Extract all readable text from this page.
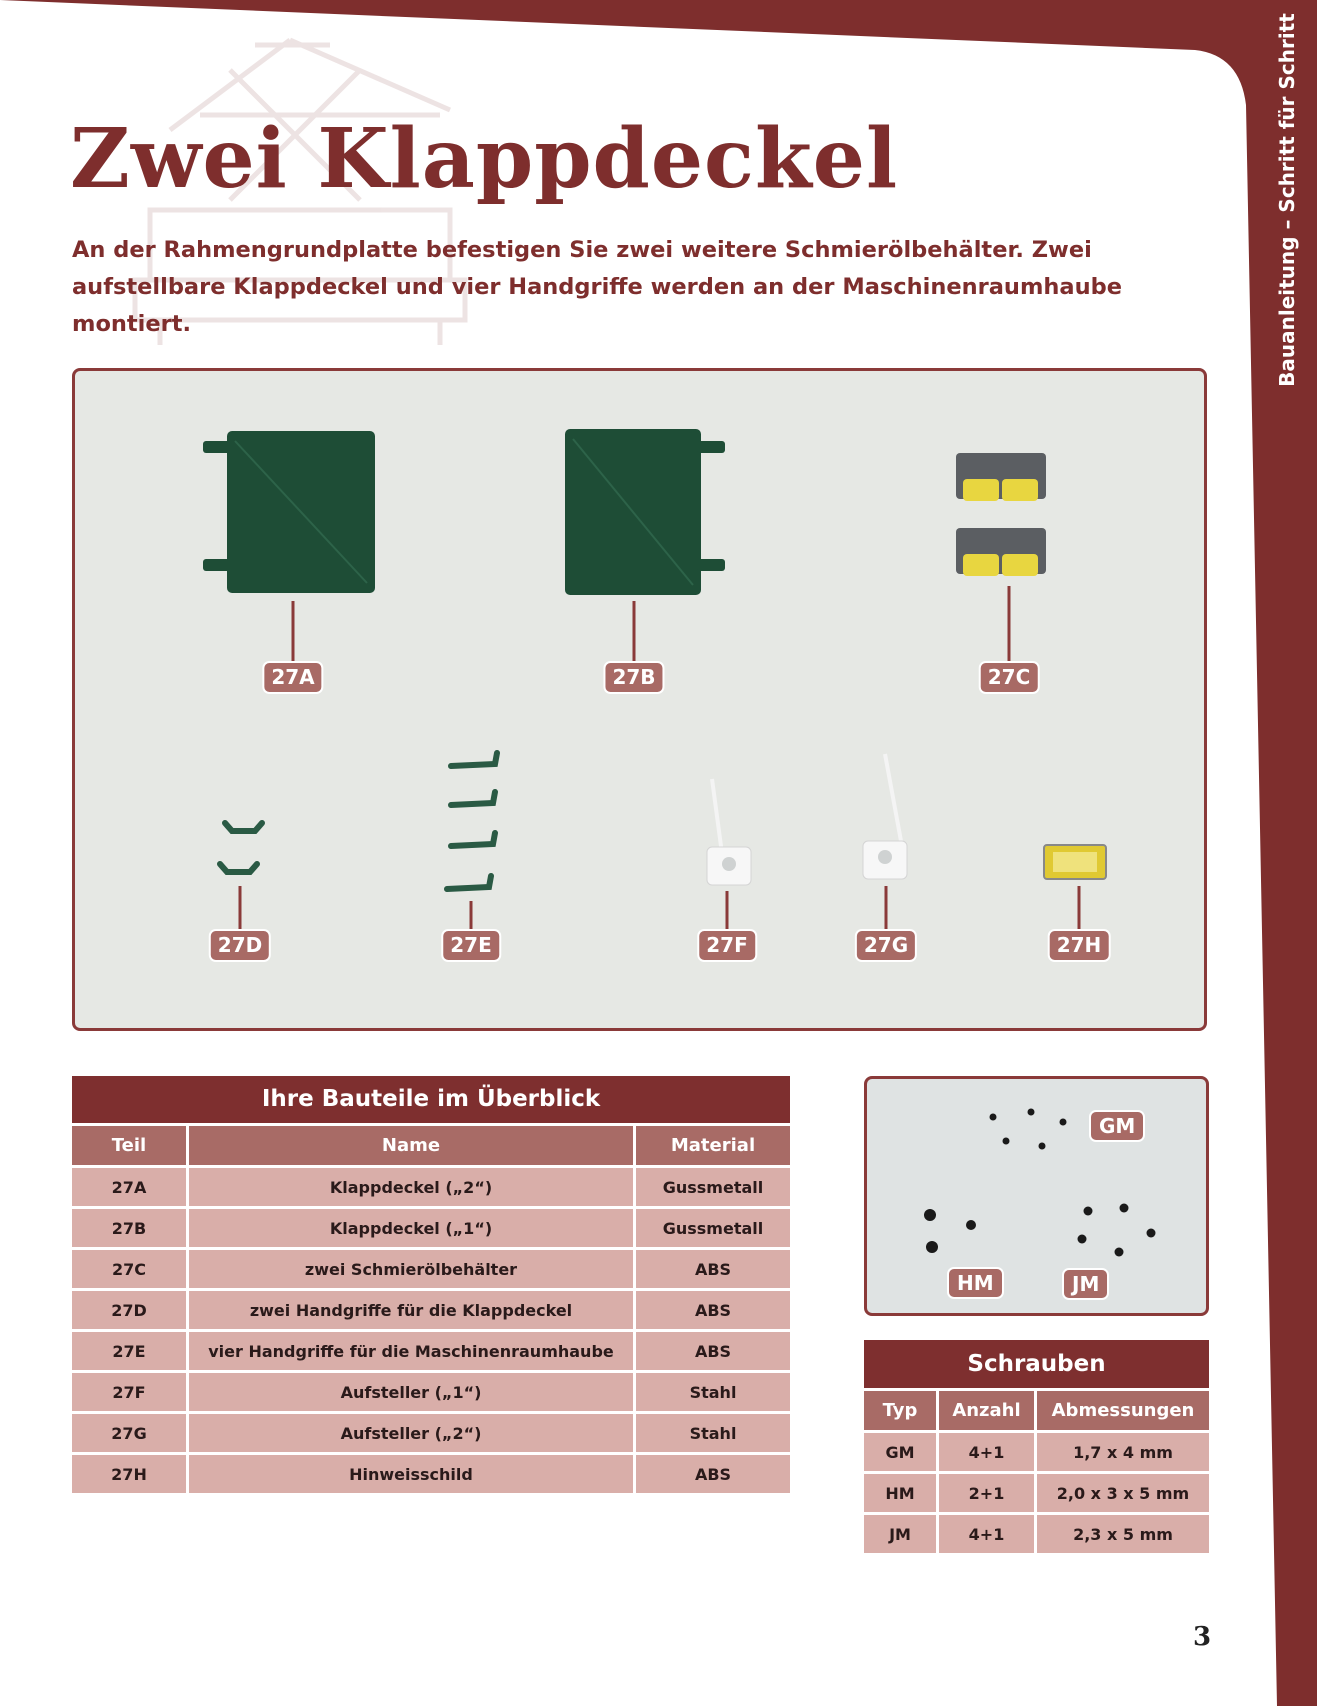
Bauanleitung – Schritt für Schritt
Zwei Klappdeckel

An der Rahmengrundplatte befestigen Sie zwei weitere Schmierölbehälter. Zwei aufstellbare Klappdeckel und vier Handgriffe werden an der Maschinenraumhaube montiert.

27A	27B	27C
27D	27E	27F	27G	27H
Ihre Bauteile im Überblick
Teil	Name	Material
27A	Klappdeckel („2“)	Gussmetall
27B	Klappdeckel („1“)	Gussmetall
27C	zwei Schmierölbehälter	ABS
27D	zwei Handgriffe für die Klappdeckel	ABS
27E	vier Handgriffe für die Maschinenraumhaube	ABS
27F	Aufsteller („1“)	Stahl
27G	Aufsteller („2“)	Stahl
27H	Hinweisschild	ABS
GM
HM	JM
Schrauben
Typ	Anzahl	Abmessungen
GM	4+1	1,7 x 4 mm
HM	2+1	2,0 x 3 x 5 mm
JM	4+1	2,3 x 5 mm
3
